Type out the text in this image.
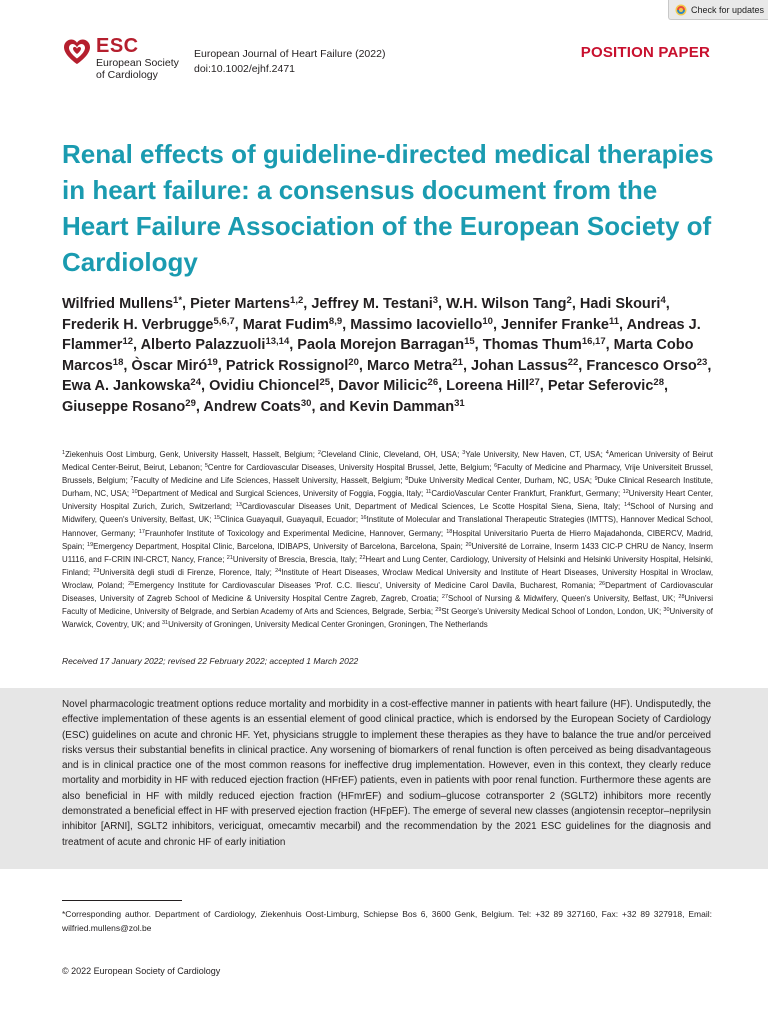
Check for updates
ESC
European Society
of Cardiology
European Journal of Heart Failure (2022)
doi:10.1002/ejhf.2471
POSITION PAPER
Renal effects of guideline-directed medical therapies in heart failure: a consensus document from the Heart Failure Association of the European Society of Cardiology
Wilfried Mullens$^{1*}$, Pieter Martens$^{1,2}$, Jeffrey M. Testani$^3$, W.H. Wilson Tang$^2$, Hadi Skouri$^4$, Frederik H. Verbrugge$^{5,6,7}$, Marat Fudim$^{8,9}$, Massimo Iacoviello$^{10}$, Jennifer Franke$^{11}$, Andreas J. Flammer$^{12}$, Alberto Palazzuoli$^{13,14}$, Paola Morejon Barragan$^{15}$, Thomas Thum$^{16,17}$, Marta Cobo Marcos$^{18}$, Òscar Miró$^{19}$, Patrick Rossignol$^{20}$, Marco Metra$^{21}$, Johan Lassus$^{22}$, Francesco Orso$^{23}$, Ewa A. Jankowska$^{24}$, Ovidiu Chioncel$^{25}$, Davor Milicic$^{26}$, Loreena Hill$^{27}$, Petar Seferovic$^{28}$, Giuseppe Rosano$^{29}$, Andrew Coats$^{30}$, and Kevin Damman$^{31}$
$^1$Ziekenhuis Oost Limburg, Genk, University Hasselt, Hasselt, Belgium; $^2$Cleveland Clinic, Cleveland, OH, USA; $^3$Yale University, New Haven, CT, USA; $^4$American University of Beirut Medical Center-Beirut, Beirut, Lebanon; $^5$Centre for Cardiovascular Diseases, University Hospital Brussel, Jette, Belgium; $^6$Faculty of Medicine and Pharmacy, Vrije Universiteit Brussel, Brussels, Belgium; $^7$Faculty of Medicine and Life Sciences, Hasselt University, Hasselt, Belgium; $^8$Duke University Medical Center, Durham, NC, USA; $^9$Duke Clinical Research Institute, Durham, NC, USA; $^{10}$Department of Medical and Surgical Sciences, University of Foggia, Foggia, Italy; $^{11}$CardioVascular Center Frankfurt, Frankfurt, Germany; $^{12}$University Heart Center, University Hospital Zurich, Zurich, Switzerland; $^{13}$Cardiovascular Diseases Unit, Department of Medical Sciences, Le Scotte Hospital Siena, Siena, Italy; $^{14}$School of Nursing and Midwifery, Queen's University, Belfast, UK; $^{15}$Clinica Guayaquil, Guayaquil, Ecuador; $^{16}$Institute of Molecular and Translational Therapeutic Strategies (IMTTS), Hannover Medical School, Hannover, Germany; $^{17}$Fraunhofer Institute of Toxicology and Experimental Medicine, Hannover, Germany; $^{18}$Hospital Universitario Puerta de Hierro Majadahonda, CIBERCV, Madrid, Spain; $^{19}$Emergency Department, Hospital Clinic, Barcelona, IDIBAPS, University of Barcelona, Barcelona, Spain; $^{20}$Université de Lorraine, Inserm 1433 CIC-P CHRU de Nancy, Inserm U1116, and F-CRIN INI-CRCT, Nancy, France; $^{21}$University of Brescia, Brescia, Italy; $^{22}$Heart and Lung Center, Cardiology, University of Helsinki and Helsinki University Hospital, Helsinki, Finland; $^{23}$Università degli studi di Firenze, Florence, Italy; $^{24}$Institute of Heart Diseases, Wroclaw Medical University and Institute of Heart Diseases, University Hospital in Wroclaw, Wroclaw, Poland; $^{25}$Emergency Institute for Cardiovascular Diseases 'Prof. C.C. Iliescu', University of Medicine Carol Davila, Bucharest, Romania; $^{26}$Department of Cardiovascular Diseases, University of Zagreb School of Medicine & University Hospital Centre Zagreb, Zagreb, Croatia; $^{27}$School of Nursing & Midwifery, Queen's University, Belfast, UK; $^{28}$Universi Faculty of Medicine, University of Belgrade, and Serbian Academy of Arts and Sciences, Belgrade, Serbia; $^{29}$St George's University Medical School of London, London, UK; $^{30}$University of Warwick, Coventry, UK; and $^{31}$University of Groningen, University Medical Center Groningen, Groningen, The Netherlands
Received 17 January 2022; revised 22 February 2022; accepted 1 March 2022

Novel pharmacologic treatment options reduce mortality and morbidity in a cost-effective manner in patients with heart failure (HF). Undisputedly, the effective implementation of these agents is an essential element of good clinical practice, which is endorsed by the European Society of Cardiology (ESC) guidelines on acute and chronic HF. Yet, physicians struggle to implement these therapies as they have to balance the true and/or perceived risks versus their substantial benefits in clinical practice. Any worsening of biomarkers of renal function is often perceived as being disadvantageous and is in clinical practice one of the most common reasons for ineffective drug implementation. However, even in this context, they clearly reduce mortality and morbidity in HF with reduced ejection fraction (HFrEF) patients, even in patients with poor renal function. Furthermore these agents are also beneficial in HF with mildly reduced ejection fraction (HFmrEF) and sodium–glucose cotransporter 2 (SGLT2) inhibitors more recently demonstrated a beneficial effect in HF with preserved ejection fraction (HFpEF). The emerge of several new classes (angiotensin receptor–neprilysin inhibitor [ARNI], SGLT2 inhibitors, vericiguat, omecamtiv mecarbil) and the recommendation by the 2021 ESC guidelines for the diagnosis and treatment of acute and chronic HF of early initiation

*Corresponding author. Department of Cardiology, Ziekenhuis Oost-Limburg, Schiepse Bos 6, 3600 Genk, Belgium. Tel: +32 89 327160, Fax: +32 89 327918, Email: wilfried.mullens@zol.be

© 2022 European Society of Cardiology
